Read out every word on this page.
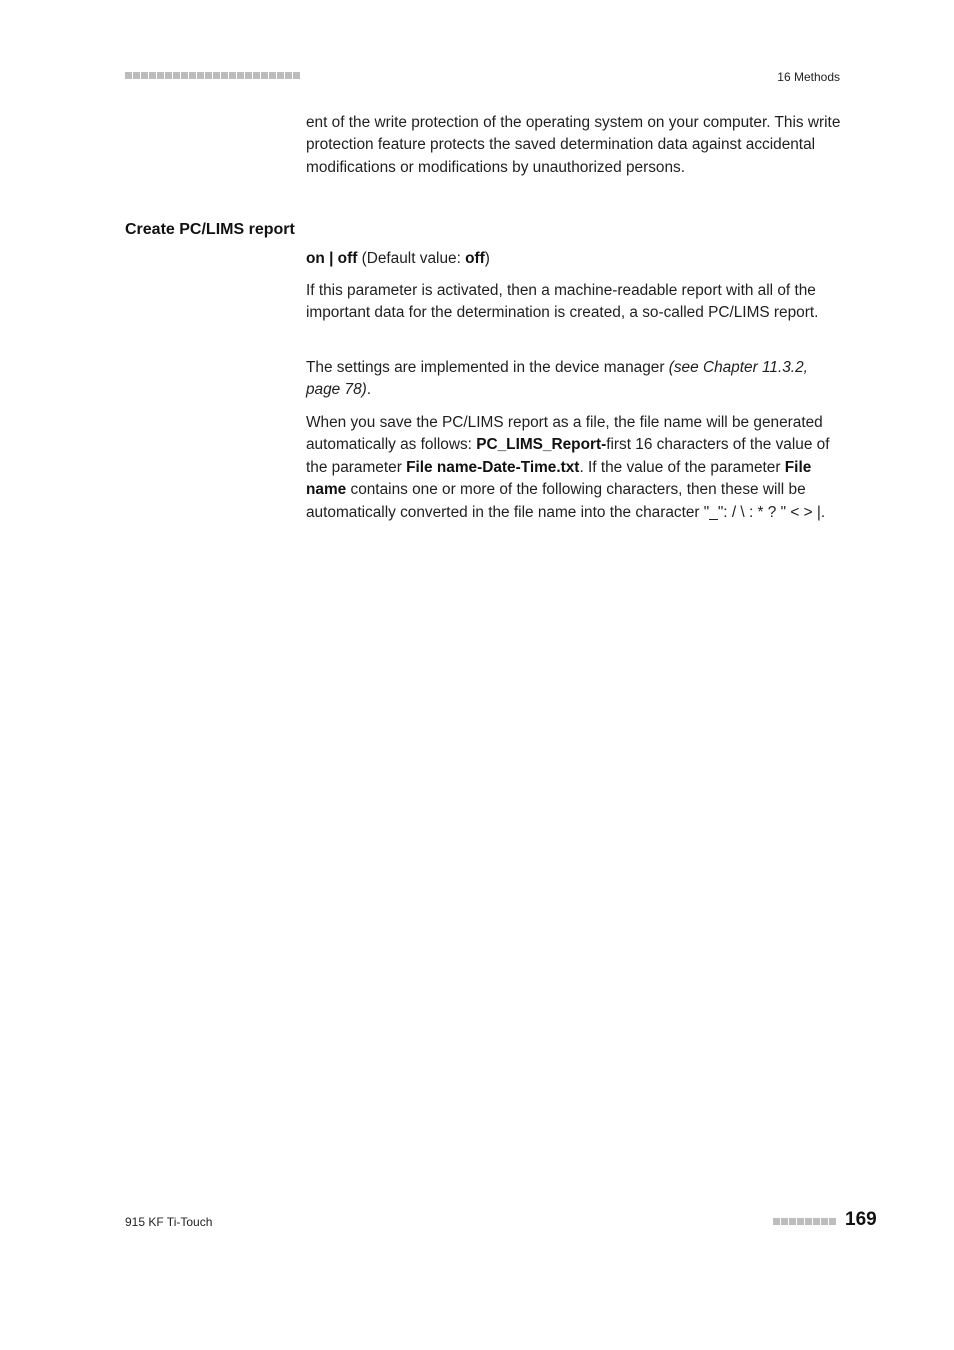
16 Methods

ent of the write protection of the operating system on your computer. This write protection feature protects the saved determination data against accidental modifications or modifications by unauthorized persons.

Create PC/LIMS report

on | off (Default value: off)

If this parameter is activated, then a machine-readable report with all of the important data for the determination is created, a so-called PC/LIMS report.

The settings are implemented in the device manager (see Chapter 11.3.2, page 78).

When you save the PC/LIMS report as a file, the file name will be generated automatically as follows: PC_LIMS_Report-first 16 characters of the value of the parameter File name-Date-Time.txt. If the value of the parameter File name contains one or more of the following characters, then these will be automatically converted in the file name into the character "_": / \ : * ? " < > |.

915 KF Ti-Touch	169
